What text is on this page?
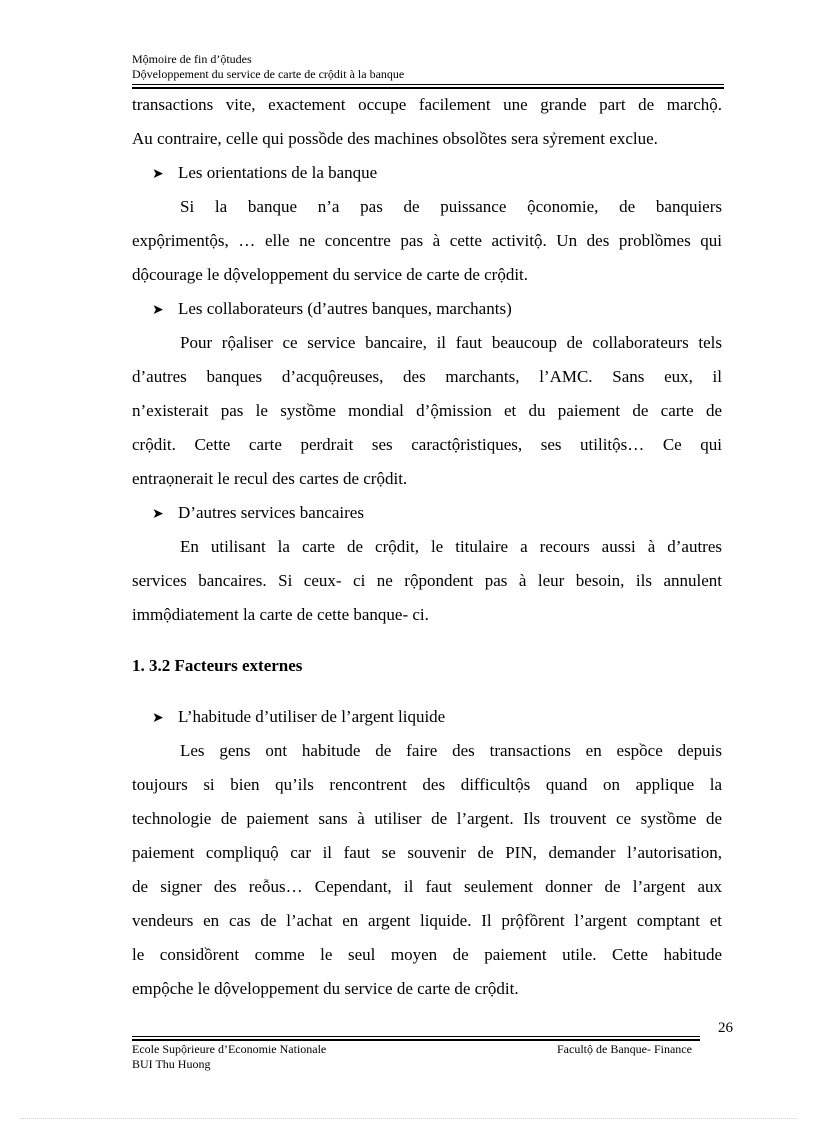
Mộmoire de fin d’ộtudes
Dộveloppement du service de carte de crộdit à la banque
transactions vite, exactement occupe facilement une grande part de marchộ.
Au contraire, celle qui possồde des machines obsolồtes sera sỷrement exclue.
➤ Les orientations de la banque
Si la banque n’a pas de puissance ộconomie, de banquiers
expộrimentộs, … elle ne concentre pas à cette activitộ. Un des problồmes qui
dộcourage le dộveloppement du service de carte de crộdit.
➤ Les collaborateurs (d’autres banques, marchants)
Pour rộaliser ce service bancaire, il faut beaucoup de collaborateurs tels
d’autres banques d’acquộreuses, des marchants, l’AMC. Sans eux, il
n’existerait pas le systồme mondial d’ộmission et du paiement de carte de
crộdit. Cette carte perdrait ses caractộristiques, ses utilitộs… Ce qui
entraọnerait le recul des cartes de crộdit.
➤ D’autres services bancaires
En utilisant la carte de crộdit, le titulaire a recours aussi à d’autres
services bancaires. Si ceux- ci ne rộpondent pas à leur besoin, ils annulent
immộdiatement la carte de cette banque- ci.
1. 3.2 Facteurs externes
➤ L’habitude d’utiliser de l’argent liquide
Les gens ont habitude de faire des transactions en espồce depuis
toujours si bien qu’ils rencontrent des difficultộs quand on applique la
technologie de paiement sans à utiliser de l’argent. Ils trouvent ce systồme de
paiement compliquộ car il faut se souvenir de PIN, demander l’autorisation,
de signer des reỗus… Cependant, il faut seulement donner de l’argent aux
vendeurs en cas de l’achat en argent liquide. Il prộfồrent l’argent comptant et
le considồrent comme le seul moyen de paiement utile. Cette habitude
empộche le dộveloppement du service de carte de crộdit.
26
Ecole Supộrieure d’Economie Nationale
BUI Thu Huong
Facultộ de Banque- Finance
